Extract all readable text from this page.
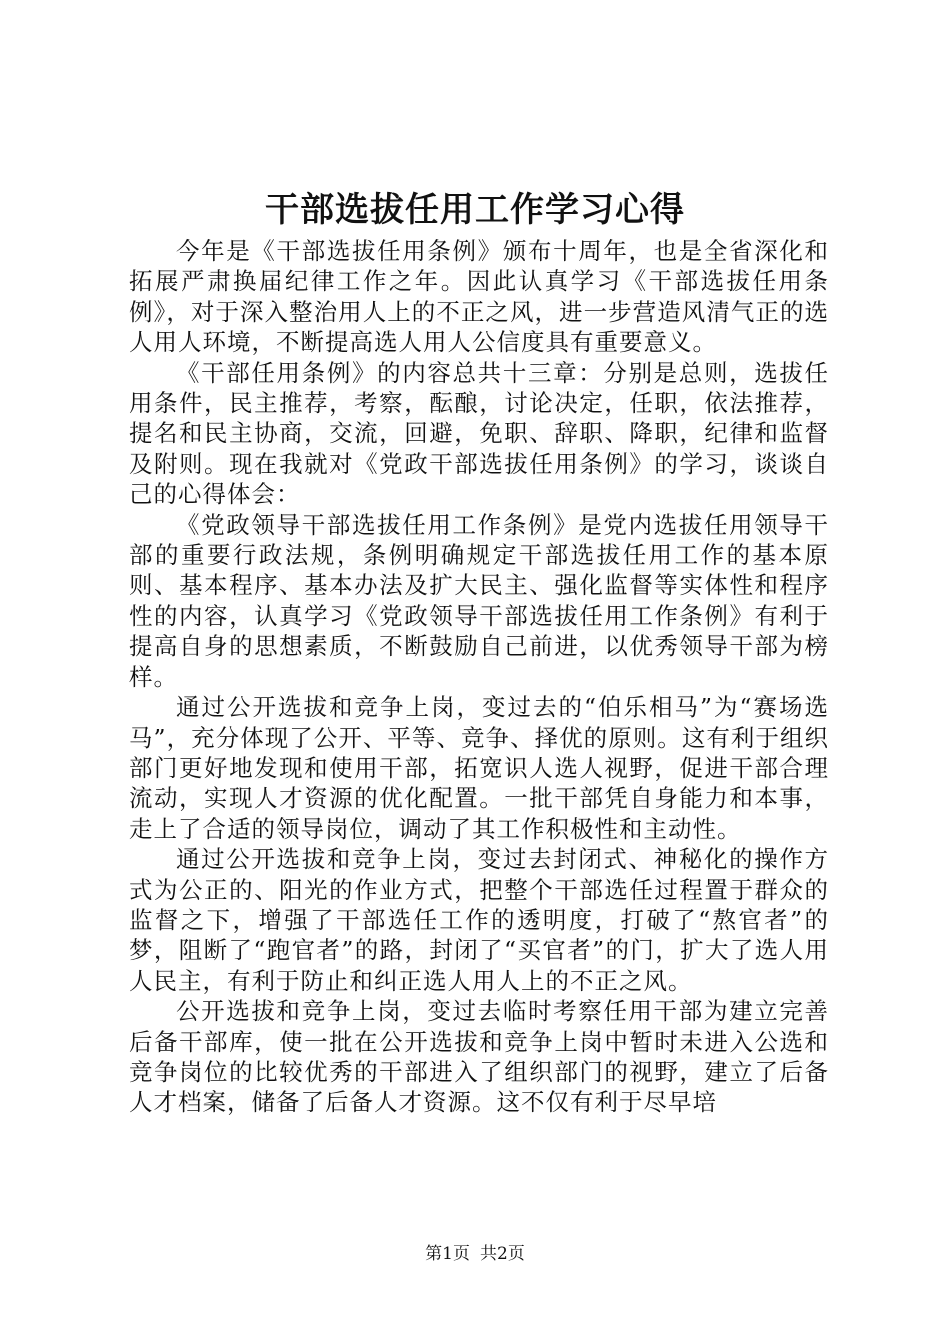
干部选拔任用工作学习心得

今年是《干部选拔任用条例》颁布十周年，也是全省深化和拓展严肃换届纪律工作之年。因此认真学习《干部选拔任用条例》，对于深入整治用人上的不正之风，进一步营造风清气正的选人用人环境，不断提高选人用人公信度具有重要意义。

《干部任用条例》的内容总共十三章：分别是总则，选拔任用条件，民主推荐，考察，酝酿，讨论决定，任职，依法推荐，提名和民主协商，交流，回避，免职、辞职、降职，纪律和监督及附则。现在我就对《党政干部选拔任用条例》的学习，谈谈自己的心得体会：

《党政领导干部选拔任用工作条例》是党内选拔任用领导干部的重要行政法规，条例明确规定干部选拔任用工作的基本原则、基本程序、基本办法及扩大民主、强化监督等实体性和程序性的内容，认真学习《党政领导干部选拔任用工作条例》有利于提高自身的思想素质，不断鼓励自己前进，以优秀领导干部为榜样。

通过公开选拔和竞争上岗，变过去的“伯乐相马”为“赛场选马”，充分体现了公开、平等、竞争、择优的原则。这有利于组织部门更好地发现和使用干部，拓宽识人选人视野，促进干部合理流动，实现人才资源的优化配置。一批干部凭自身能力和本事，走上了合适的领导岗位，调动了其工作积极性和主动性。

通过公开选拔和竞争上岗，变过去封闭式、神秘化的操作方式为公正的、阳光的作业方式，把整个干部选任过程置于群众的监督之下，增强了干部选任工作的透明度，打破了“熬官者”的梦，阻断了“跑官者”的路，封闭了“买官者”的门，扩大了选人用人民主，有利于防止和纠正选人用人上的不正之风。

公开选拔和竞争上岗，变过去临时考察任用干部为建立完善后备干部库，使一批在公开选拔和竞争上岗中暂时未进入公选和竞争岗位的比较优秀的干部进入了组织部门的视野，建立了后备人才档案，储备了后备人才资源。这不仅有利于尽早培

第1页 共2页
